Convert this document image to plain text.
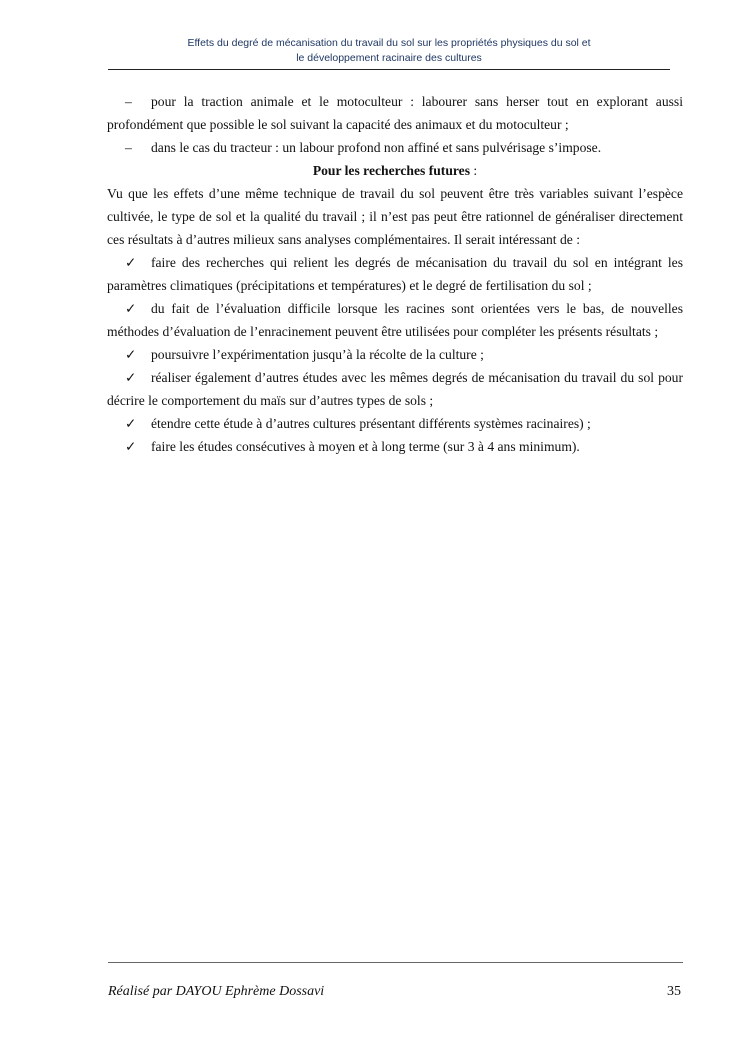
Effets du degré de mécanisation du travail du sol sur les propriétés physiques du sol et
le développement racinaire des cultures

– pour la traction animale et le motoculteur : labourer sans herser tout en explorant aussi profondément que possible le sol suivant la capacité des animaux et du motoculteur ;

– dans le cas du tracteur : un labour profond non affiné et sans pulvérisage s’impose.

Pour les recherches futures :

Vu que les effets d’une même technique de travail du sol peuvent être très variables suivant l’espèce cultivée, le type de sol et la qualité du travail ; il n’est pas peut être rationnel de généraliser directement ces résultats à d’autres milieux sans analyses complémentaires. Il serait intéressant de :

✓ faire des recherches qui relient les degrés de mécanisation du travail du sol en intégrant les paramètres climatiques (précipitations et températures) et le degré de fertilisation du sol ;

✓ du fait de l’évaluation difficile lorsque les racines sont orientées vers le bas, de nouvelles méthodes d’évaluation de l’enracinement peuvent être utilisées pour compléter les présents résultats ;

✓ poursuivre l’expérimentation jusqu’à la récolte de la culture ;

✓ réaliser également d’autres études avec les mêmes degrés de mécanisation du travail du sol pour décrire le comportement du maïs sur d’autres types de sols ;

✓ étendre cette étude à d’autres cultures présentant différents systèmes racinaires) ;

✓ faire les études consécutives à moyen et à long terme (sur 3 à 4 ans minimum).

Réalisé par DAYOU Ephrème Dossavi	35
